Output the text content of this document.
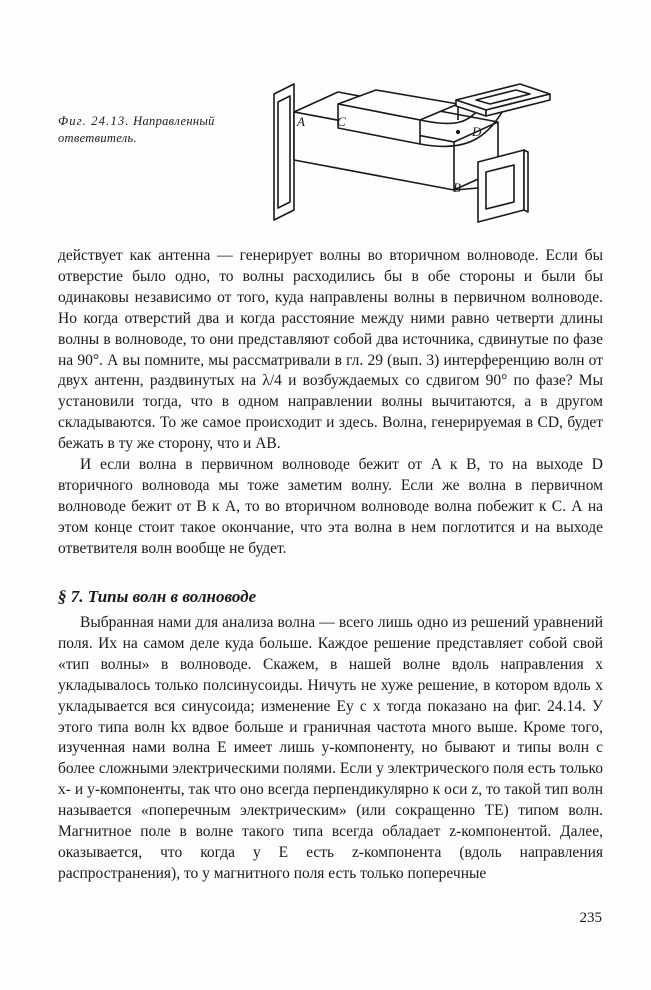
Фиг. 24.13. Направленный ответвитель.
A C
D
B

действует как антенна — генерирует волны во вторичном волноводе. Если бы отверстие было одно, то волны расходились бы в обе стороны и были бы одинаковы независимо от того, куда направлены волны в первичном волноводе. Но когда отверстий два и когда расстояние между ними равно четверти длины волны в волноводе, то они представляют собой два источника, сдвинутые по фазе на 90°. А вы помните, мы рассматривали в гл. 29 (вып. 3) интерференцию волн от двух антенн, раздвинутых на λ/4 и возбуждаемых со сдвигом 90° по фазе? Мы установили тогда, что в одном направлении волны вычитаются, а в другом складываются. То же самое происходит и здесь. Волна, генерируемая в CD, будет бежать в ту же сторону, что и AB.

И если волна в первичном волноводе бежит от A к B, то на выходе D вторичного волновода мы тоже заметим волну. Если же волна в первичном волноводе бежит от B к A, то во вторичном волноводе волна побежит к C. А на этом конце стоит такое окончание, что эта волна в нем поглотится и на выходе ответвителя волн вообще не будет.

§ 7. Типы волн в волноводе

Выбранная нами для анализа волна — всего лишь одно из решений уравнений поля. Их на самом деле куда больше. Каждое решение представляет собой свой «тип волны» в волноводе. Скажем, в нашей волне вдоль направления x укладывалось только полсинусоиды. Ничуть не хуже решение, в котором вдоль x укладывается вся синусоида; изменение Ey с x тогда показано на фиг. 24.14. У этого типа волн kx вдвое больше и граничная частота много выше. Кроме того, изученная нами волна E имеет лишь y-компоненту, но бывают и типы волн с более сложными электрическими полями. Если у электрического поля есть только x- и y-компоненты, так что оно всегда перпендикулярно к оси z, то такой тип волн называется «поперечным электрическим» (или сокращенно TE) типом волн. Магнитное поле в волне такого типа всегда обладает z-компонентой. Далее, оказывается, что когда у E есть z-компонента (вдоль направления распространения), то у магнитного поля есть только поперечные

235
